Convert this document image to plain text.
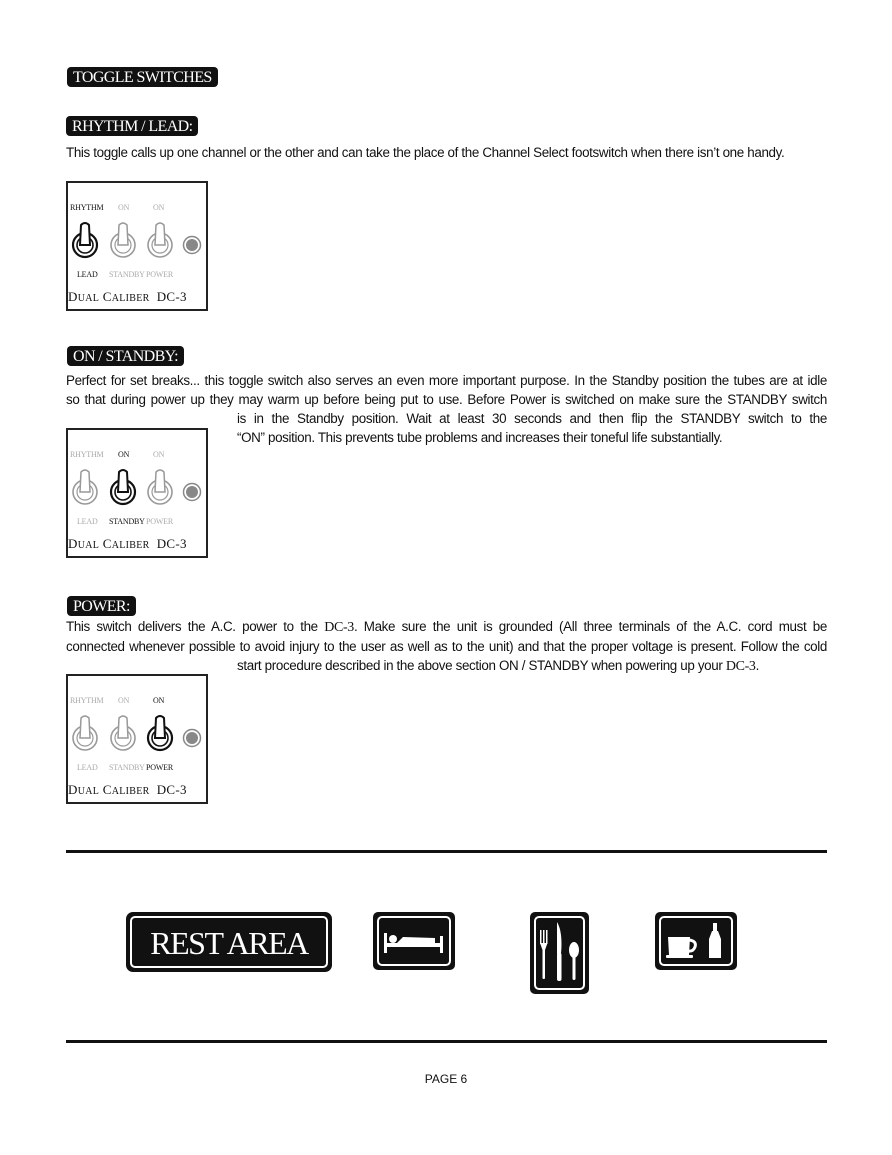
TOGGLE SWITCHES
RHYTHM / LEAD:
This toggle calls up one channel or the other and can take the place of the Channel Select footswitch when there isn’t one handy.
RHYTHM ON	ON
LEAD STANDBY POWER
DUAL CALIBER DC-3
ON / STANDBY:
Perfect for set breaks... this toggle switch also serves an even more important purpose. In the Standby position the tubes are at idle
so that during power up they may warm up before being put to use. Before Power is switched on make sure the STANDBY switch
is in the Standby position. Wait at least 30 seconds and then flip the STANDBY switch to the
“ON” position. This prevents tube problems and increases their toneful life substantially.
RHYTHM ON	ON
LEAD STANDBY POWER
DUAL CALIBER DC-3
POWER:
This switch delivers the A.C. power to the DC-3. Make sure the unit is grounded (All three terminals of the A.C. cord must be
connected whenever possible to avoid injury to the user as well as to the unit) and that the proper voltage is present. Follow the cold
start procedure described in the above section ON / STANDBY when powering up your DC-3.
RHYTHM ON	ON
LEAD STANDBY POWER
DUAL CALIBER DC-3
REST AREA
PAGE 6
